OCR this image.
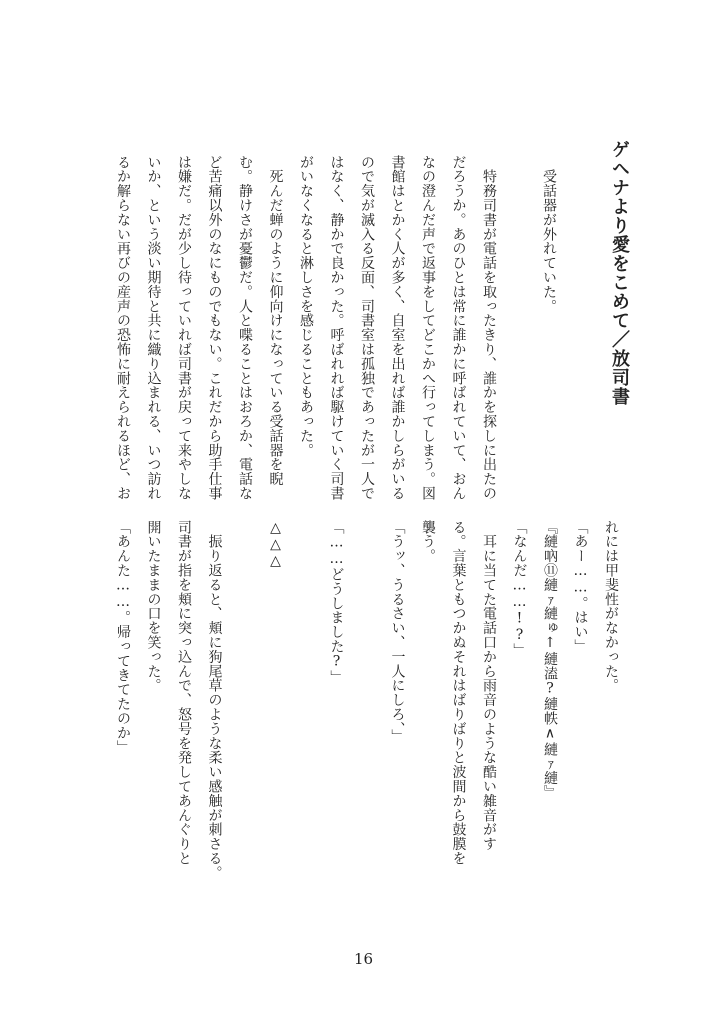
ゲヘナより愛をこめて／放司書
　受話器が外れていた。
　特務司書が電話を取ったきり、誰かを探しに出たの
だろうか。あのひとは常に誰かに呼ばれていて、おん
なの澄んだ声で返事をしてどこかへ行ってしまう。図
書館はとかく人が多く、自室を出れば誰かしらがいる
ので気が滅入る反面、司書室は孤独であったが一人で
はなく、静かで良かった。呼ばれれば駆けていく司書
がいなくなると淋しさを感じることもあった。
　死んだ蝉のように仰向けになっている受話器を睨
む。静けさが憂鬱だ。人と喋ることはおろか、電話な
ど苦痛以外のなにものでもない。これだから助手仕事
は嫌だ。だが少し待っていれば司書が戻って来やしな
いか、という淡い期待と共に織り込まれる、いつ訪れ
るか解らない再びの産声の恐怖に耐えられるほど、お
れには甲斐性がなかった。
「あー……。はい」
『縺吶⑪縺ｧ縺ゅ↑縺溘?縺帙∧縺ｧ縺』
「なんだ……!?」
　耳に当てた電話口から雨音のような酷い雑音がす
る。言葉ともつかぬそれはばりばりと波間から鼓膜を
襲う。
「うッ、うるさい、一人にしろ、」
「……どうしました?」
△△△
　振り返ると、頬に狗尾草のような柔い感触が刺さる。
司書が指を頬に突っ込んで、怒号を発してあんぐりと
開いたままの口を笑った。
「あんた……。帰ってきてたのか」
16
